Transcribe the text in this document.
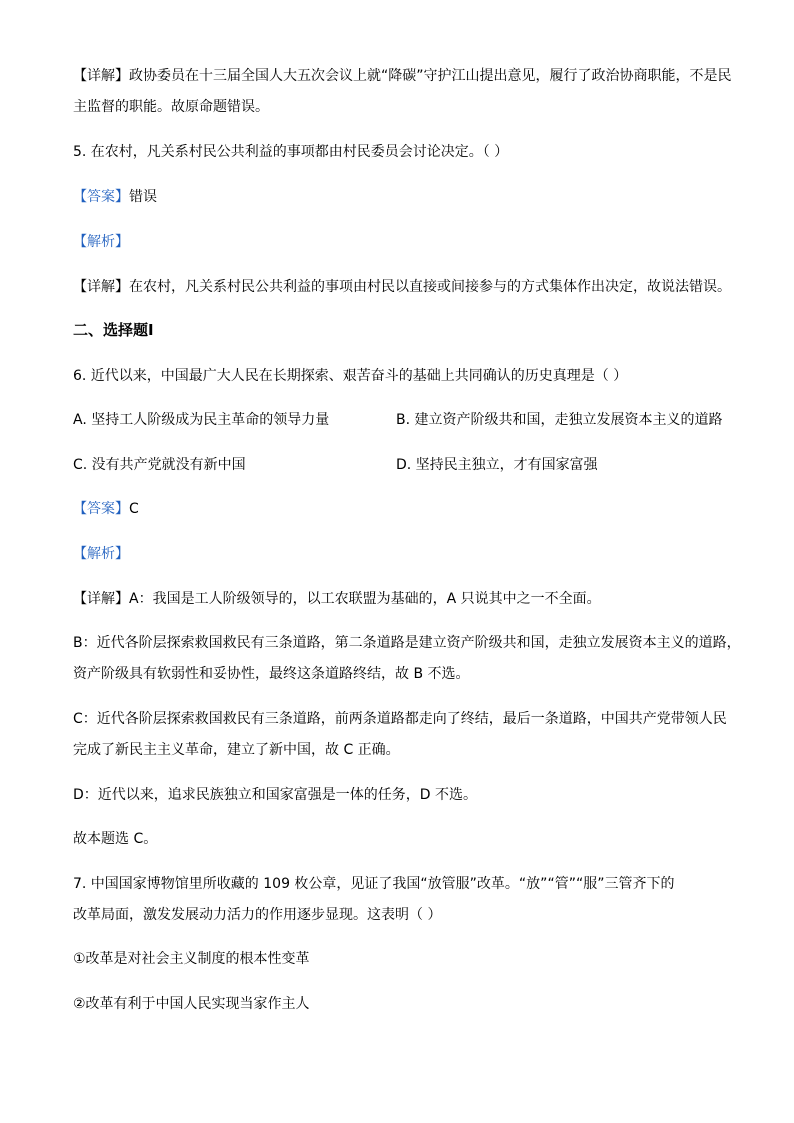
【详解】政协委员在十三届全国人大五次会议上就“降碳”守护江山提出意见，履行了政治协商职能，不是民
主监督的职能。故原命题错误。
5. 在农村，凡关系村民公共利益的事项都由村民委员会讨论决定。（ ）
【答案】错误
【解析】
【详解】在农村，凡关系村民公共利益的事项由村民以直接或间接参与的方式集体作出决定，故说法错误。
二、选择题Ⅰ
6. 近代以来，中国最广大人民在长期探索、艰苦奋斗的基础上共同确认的历史真理是（ ）
A. 坚持工人阶级成为民主革命的领导力量	B. 建立资产阶级共和国，走独立发展资本主义的道路
C. 没有共产党就没有新中国	D. 坚持民主独立，才有国家富强
【答案】C
【解析】
【详解】A：我国是工人阶级领导的，以工农联盟为基础的，A 只说其中之一不全面。
B：近代各阶层探索救国救民有三条道路，第二条道路是建立资产阶级共和国，走独立发展资本主义的道路，
资产阶级具有软弱性和妥协性，最终这条道路终结，故 B 不选。
C：近代各阶层探索救国救民有三条道路，前两条道路都走向了终结，最后一条道路，中国共产党带领人民
完成了新民主主义革命，建立了新中国，故 C 正确。
D：近代以来，追求民族独立和国家富强是一体的任务，D 不选。
故本题选 C。
7. 中国国家博物馆里所收藏的 109 枚公章，见证了我国“放管服”改革。“放”“管”“服”三管齐下的
改革局面，激发发展动力活力的作用逐步显现。这表明（ ）
①改革是对社会主义制度的根本性变革
②改革有利于中国人民实现当家作主人
